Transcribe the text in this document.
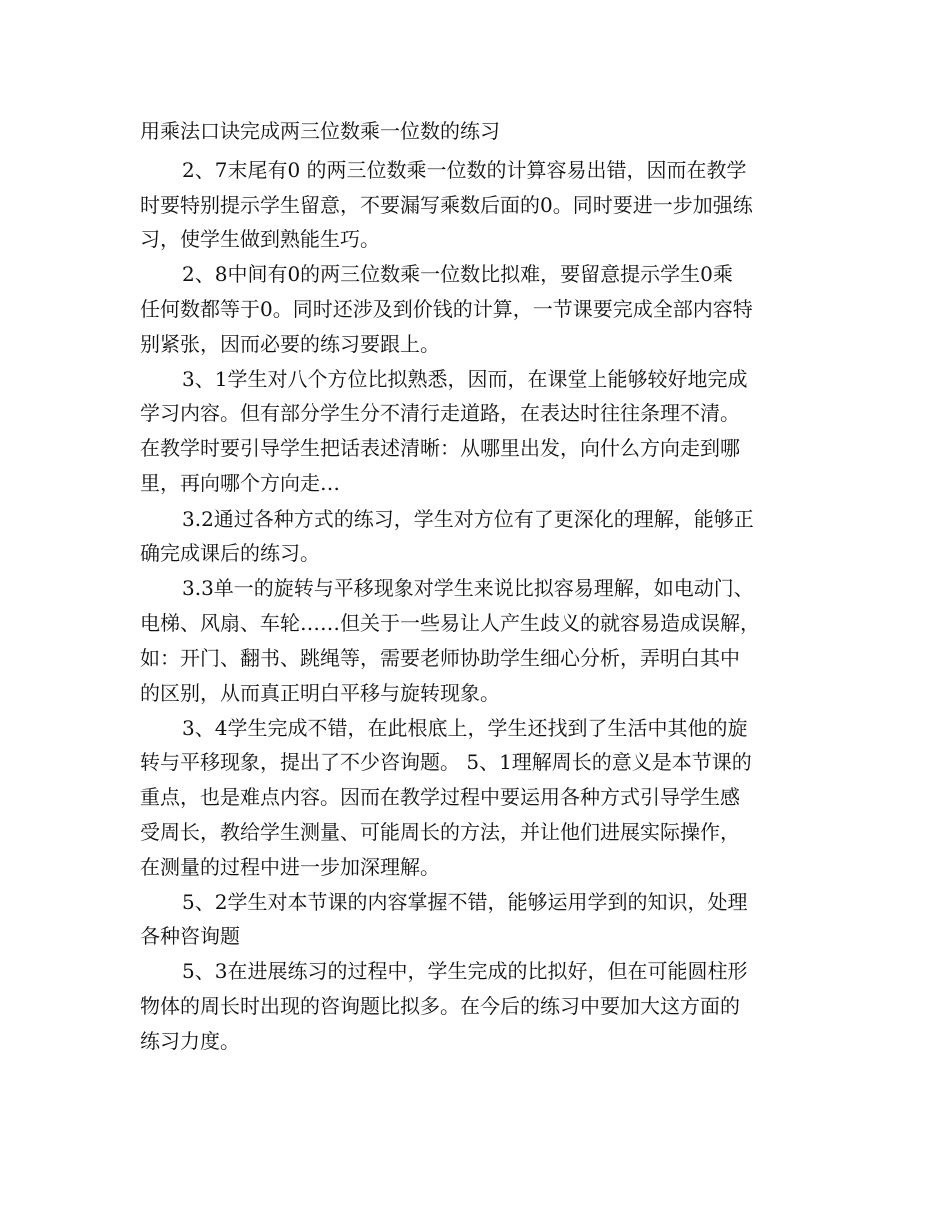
用乘法口诀完成两三位数乘一位数的练习
2、7末尾有0 的两三位数乘一位数的计算容易出错，因而在教学
时要特别提示学生留意，不要漏写乘数后面的0。同时要进一步加强练
习，使学生做到熟能生巧。
2、8中间有0的两三位数乘一位数比拟难，要留意提示学生0乘
任何数都等于0。同时还涉及到价钱的计算，一节课要完成全部内容特
别紧张，因而必要的练习要跟上。
3、1学生对八个方位比拟熟悉，因而，在课堂上能够较好地完成
学习内容。但有部分学生分不清行走道路，在表达时往往条理不清。
在教学时要引导学生把话表述清晰：从哪里出发，向什么方向走到哪
里，再向哪个方向走…
3.2通过各种方式的练习，学生对方位有了更深化的理解，能够正
确完成课后的练习。
3.3单一的旋转与平移现象对学生来说比拟容易理解，如电动门、
电梯、风扇、车轮……但关于一些易让人产生歧义的就容易造成误解，
如：开门、翻书、跳绳等，需要老师协助学生细心分析，弄明白其中
的区别，从而真正明白平移与旋转现象。
3、4学生完成不错，在此根底上，学生还找到了生活中其他的旋
转与平移现象，提出了不少咨询题。 5、1理解周长的意义是本节课的
重点，也是难点内容。因而在教学过程中要运用各种方式引导学生感
受周长，教给学生测量、可能周长的方法，并让他们进展实际操作，
在测量的过程中进一步加深理解。
5、2学生对本节课的内容掌握不错，能够运用学到的知识，处理
各种咨询题
5、3在进展练习的过程中，学生完成的比拟好，但在可能圆柱形
物体的周长时出现的咨询题比拟多。在今后的练习中要加大这方面的
练习力度。
